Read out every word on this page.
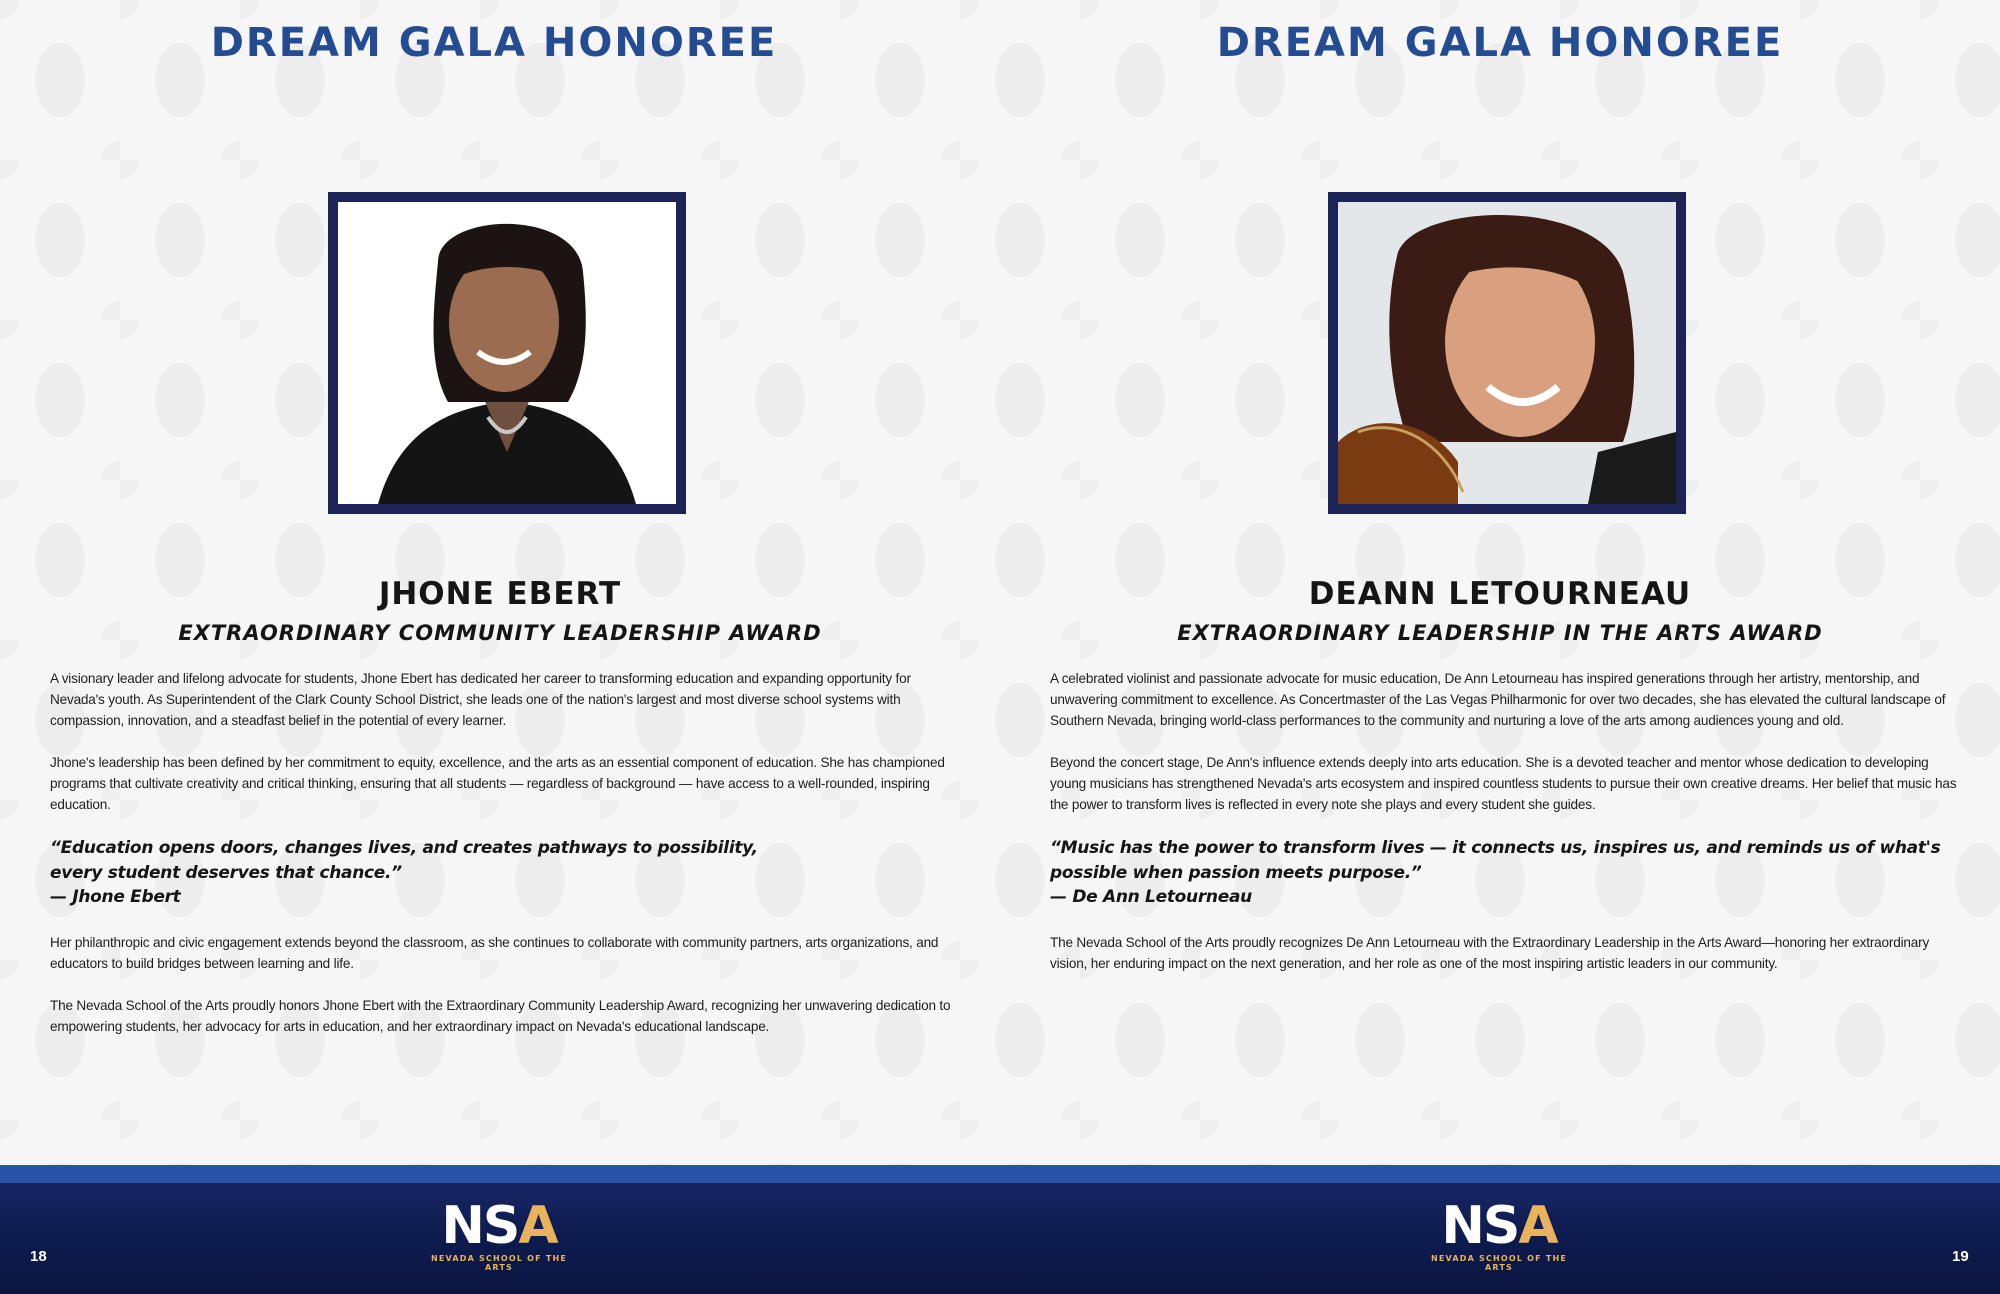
DREAM GALA HONOREE
JHONE EBERT
EXTRAORDINARY COMMUNITY LEADERSHIP AWARD

A visionary leader and lifelong advocate for students, Jhone Ebert has dedicated her career to transforming education and expanding opportunity for Nevada's youth. As Superintendent of the Clark County School District, she leads one of the nation's largest and most diverse school systems with compassion, innovation, and a steadfast belief in the potential of every learner.

Jhone's leadership has been defined by her commitment to equity, excellence, and the arts as an essential component of education. She has championed programs that cultivate creativity and critical thinking, ensuring that all students — regardless of background — have access to a well-rounded, inspiring education.

“Education opens doors, changes lives, and creates pathways to possibility,
every student deserves that chance.”
— Jhone Ebert

Her philanthropic and civic engagement extends beyond the classroom, as she continues to collaborate with community partners, arts organizations, and educators to build bridges between learning and life.

The Nevada School of the Arts proudly honors Jhone Ebert with the Extraordinary Community Leadership Award, recognizing her unwavering dedication to empowering students, her advocacy for arts in education, and her extraordinary impact on Nevada's educational landscape.

DREAM GALA HONOREE
DEANN LETOURNEAU
EXTRAORDINARY LEADERSHIP IN THE ARTS AWARD

A celebrated violinist and passionate advocate for music education, De Ann Letourneau has inspired generations through her artistry, mentorship, and unwavering commitment to excellence. As Concertmaster of the Las Vegas Philharmonic for over two decades, she has elevated the cultural landscape of Southern Nevada, bringing world-class performances to the community and nurturing a love of the arts among audiences young and old.

Beyond the concert stage, De Ann's influence extends deeply into arts education. She is a devoted teacher and mentor whose dedication to developing young musicians has strengthened Nevada's arts ecosystem and inspired countless students to pursue their own creative dreams. Her belief that music has the power to transform lives is reflected in every note she plays and every student she guides.

“Music has the power to transform lives — it connects us, inspires us, and reminds us of what's
possible when passion meets purpose.”
— De Ann Letourneau

The Nevada School of the Arts proudly recognizes De Ann Letourneau with the Extraordinary Leadership in the Arts Award—honoring her extraordinary vision, her enduring impact on the next generation, and her role as one of the most inspiring artistic leaders in our community.

18	19
NSA
NEVADA SCHOOL OF THE ARTS
NSA
NEVADA SCHOOL OF THE ARTS
